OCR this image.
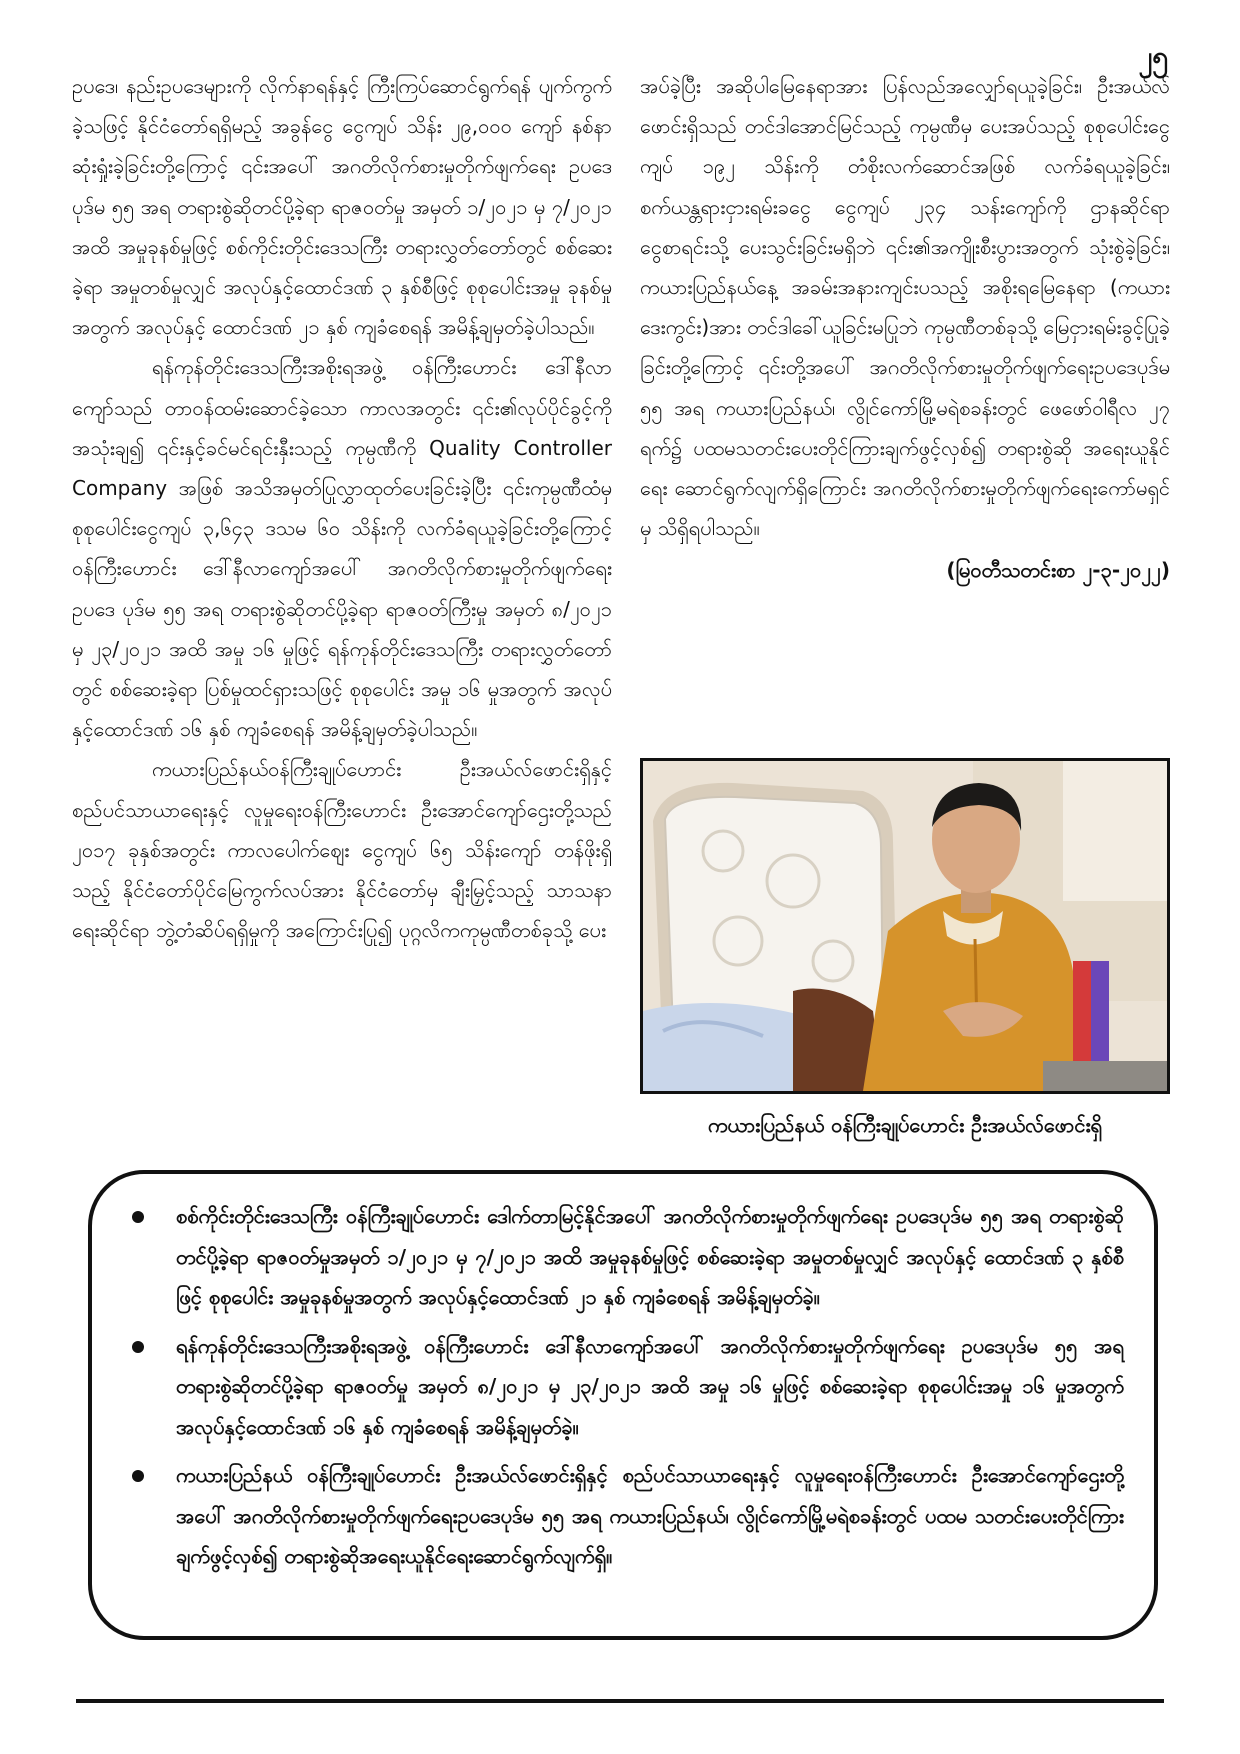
၂၅

ဥပဒေ၊ နည်းဥပဒေများကို လိုက်နာရန်နှင့် ကြီးကြပ်ဆောင်ရွက်ရန် ပျက်ကွက်ခဲ့သဖြင့် နိုင်ငံတော်ရရှိမည့် အခွန်ငွေ ငွေကျပ် သိန်း ၂၉,၀၀၀ ကျော် နစ်နာဆုံးရှုံးခဲ့ခြင်းတို့ကြောင့် ၎င်းအပေါ် အဂတိလိုက်စားမှုတိုက်ဖျက်ရေး ဥပဒေပုဒ်မ ၅၅ အရ တရားစွဲဆိုတင်ပို့ခဲ့ရာ ရာဇဝတ်မှု အမှတ် ၁/၂၀၂၁ မှ ၇/၂၀၂၁ အထိ အမှုခုနစ်မှုဖြင့် စစ်ကိုင်းတိုင်းဒေသကြီး တရားလွှတ်တော်တွင် စစ်ဆေးခဲ့ရာ အမှုတစ်မှုလျှင် အလုပ်နှင့်ထောင်ဒဏ် ၃ နှစ်စီဖြင့် စုစုပေါင်းအမှု ခုနစ်မှုအတွက် အလုပ်နှင့် ထောင်ဒဏ် ၂၁ နှစ် ကျခံစေရန် အမိန့်ချမှတ်ခဲ့ပါသည်။

ရန်ကုန်တိုင်းဒေသကြီးအစိုးရအဖွဲ့ ဝန်ကြီးဟောင်း ဒေါ်နီလာကျော်သည် တာဝန်ထမ်းဆောင်ခဲ့သော ကာလအတွင်း ၎င်း၏လုပ်ပိုင်ခွင့်ကို အသုံးချ၍ ၎င်းနှင့်ခင်မင်ရင်းနှီးသည့် ကုမ္ပဏီကို Quality Controller Company အဖြစ် အသိအမှတ်ပြုလွှာထုတ်ပေးခြင်းခဲ့ပြီး ၎င်းကုမ္ပဏီထံမှ စုစုပေါင်းငွေကျပ် ၃,၆၄၃ ဒသမ ၆၀ သိန်းကို လက်ခံရယူခဲ့ခြင်းတို့ကြောင့် ဝန်ကြီးဟောင်း ဒေါ်နီလာကျော်အပေါ် အဂတိလိုက်စားမှုတိုက်ဖျက်ရေးဥပဒေ ပုဒ်မ ၅၅ အရ တရားစွဲဆိုတင်ပို့ခဲ့ရာ ရာဇဝတ်ကြီးမှု အမှတ် ၈/၂၀၂၁ မှ ၂၃/၂၀၂၁ အထိ အမှု ၁၆ မှုဖြင့် ရန်ကုန်တိုင်းဒေသကြီး တရားလွှတ်တော်တွင် စစ်ဆေးခဲ့ရာ ပြစ်မှုထင်ရှားသဖြင့် စုစုပေါင်း အမှု ၁၆ မှုအတွက် အလုပ်နှင့်ထောင်ဒဏ် ၁၆ နှစ် ကျခံစေရန် အမိန့်ချမှတ်ခဲ့ပါသည်။

ကယားပြည်နယ်ဝန်ကြီးချုပ်ဟောင်း ဦးအယ်လ်ဖောင်းရှိနှင့် စည်ပင်သာယာရေးနှင့် လူမှုရေးဝန်ကြီးဟောင်း ဦးအောင်ကျော်ဌေးတို့သည် ၂၀၁၇ ခုနှစ်အတွင်း ကာလပေါက်ဈေး ငွေကျပ် ၆၅ သိန်းကျော် တန်ဖိုးရှိသည့် နိုင်ငံတော်ပိုင်မြေကွက်လပ်အား နိုင်ငံတော်မှ ချီးမြှင့်သည့် သာသနာရေးဆိုင်ရာ ဘွဲ့တံဆိပ်ရရှိမှုကို အကြောင်းပြု၍ ပုဂ္ဂလိကကုမ္ပဏီတစ်ခုသို့ ပေး

အပ်ခဲ့ပြီး အဆိုပါမြေနေရာအား ပြန်လည်အလျှော်ရယူခဲ့ခြင်း၊ ဦးအယ်လ်ဖောင်းရှိသည် တင်ဒါအောင်မြင်သည့် ကုမ္ပဏီမှ ပေးအပ်သည့် စုစုပေါင်းငွေကျပ် ၁၉၂ သိန်းကို တံစိုးလက်ဆောင်အဖြစ် လက်ခံရယူခဲ့ခြင်း၊ စက်ယန္တရားငှားရမ်းခငွေ ငွေကျပ် ၂၃၄ သန်းကျော်ကို ဌာနဆိုင်ရာ ငွေစာရင်းသို့ ပေးသွင်းခြင်းမရှိဘဲ ၎င်း၏အကျိုးစီးပွားအတွက် သုံးစွဲခဲ့ခြင်း၊ ကယားပြည်နယ်နေ့ အခမ်းအနားကျင်းပသည့် အစိုးရမြေနေရာ (ကယားဒေးကွင်း)အား တင်ဒါခေါ်ယူခြင်းမပြုဘဲ ကုမ္ပဏီတစ်ခုသို့ မြေငှားရမ်းခွင့်ပြုခဲ့ခြင်းတို့ကြောင့် ၎င်းတို့အပေါ် အဂတိလိုက်စားမှုတိုက်ဖျက်ရေးဥပဒေပုဒ်မ ၅၅ အရ ကယားပြည်နယ်၊ လွိုင်ကော်မြို့မရဲစခန်းတွင် ဖေဖော်ဝါရီလ ၂၇ ရက်၌ ပထမသတင်းပေးတိုင်ကြားချက်ဖွင့်လှစ်၍ တရားစွဲဆို အရေးယူနိုင်ရေး ဆောင်ရွက်လျက်ရှိကြောင်း အဂတိလိုက်စားမှုတိုက်ဖျက်ရေးကော်မရှင်မှ သိရှိရပါသည်။

(မြဝတီသတင်းစာ ၂-၃-၂၀၂၂)

ကယားပြည်နယ် ဝန်ကြီးချုပ်ဟောင်း ဦးအယ်လ်ဖောင်းရှိ
စစ်ကိုင်းတိုင်းဒေသကြီး ဝန်ကြီးချုပ်ဟောင်း ဒေါက်တာမြင့်နိုင်အပေါ် အဂတိလိုက်စားမှုတိုက်ဖျက်ရေး ဥပဒေပုဒ်မ ၅၅ အရ တရားစွဲဆိုတင်ပို့ခဲ့ရာ ရာဇဝတ်မှုအမှတ် ၁/၂၀၂၁ မှ ၇/၂၀၂၁ အထိ အမှုခုနစ်မှုဖြင့် စစ်ဆေးခဲ့ရာ အမှုတစ်မှုလျှင် အလုပ်နှင့် ထောင်ဒဏ် ၃ နှစ်စီဖြင့် စုစုပေါင်း အမှုခုနစ်မှုအတွက် အလုပ်နှင့်ထောင်ဒဏ် ၂၁ နှစ် ကျခံစေရန် အမိန့်ချမှတ်ခဲ့။
ရန်ကုန်တိုင်းဒေသကြီးအစိုးရအဖွဲ့ ဝန်ကြီးဟောင်း ဒေါ်နီလာကျော်အပေါ် အဂတိလိုက်စားမှုတိုက်ဖျက်ရေး ဥပဒေပုဒ်မ ၅၅ အရ တရားစွဲဆိုတင်ပို့ခဲ့ရာ ရာဇဝတ်မှု အမှတ် ၈/၂၀၂၁ မှ ၂၃/၂၀၂၁ အထိ အမှု ၁၆ မှုဖြင့် စစ်ဆေးခဲ့ရာ စုစုပေါင်းအမှု ၁၆ မှုအတွက် အလုပ်နှင့်ထောင်ဒဏ် ၁၆ နှစ် ကျခံစေရန် အမိန့်ချမှတ်ခဲ့။
ကယားပြည်နယ် ဝန်ကြီးချုပ်ဟောင်း ဦးအယ်လ်ဖောင်းရှိနှင့် စည်ပင်သာယာရေးနှင့် လူမှုရေးဝန်ကြီးဟောင်း ဦးအောင်ကျော်ဌေးတို့အပေါ် အဂတိလိုက်စားမှုတိုက်ဖျက်ရေးဥပဒေပုဒ်မ ၅၅ အရ ကယားပြည်နယ်၊ လွိုင်ကော်မြို့မရဲစခန်းတွင် ပထမ သတင်းပေးတိုင်ကြားချက်ဖွင့်လှစ်၍ တရားစွဲဆိုအရေးယူနိုင်ရေးဆောင်ရွက်လျက်ရှိ။
